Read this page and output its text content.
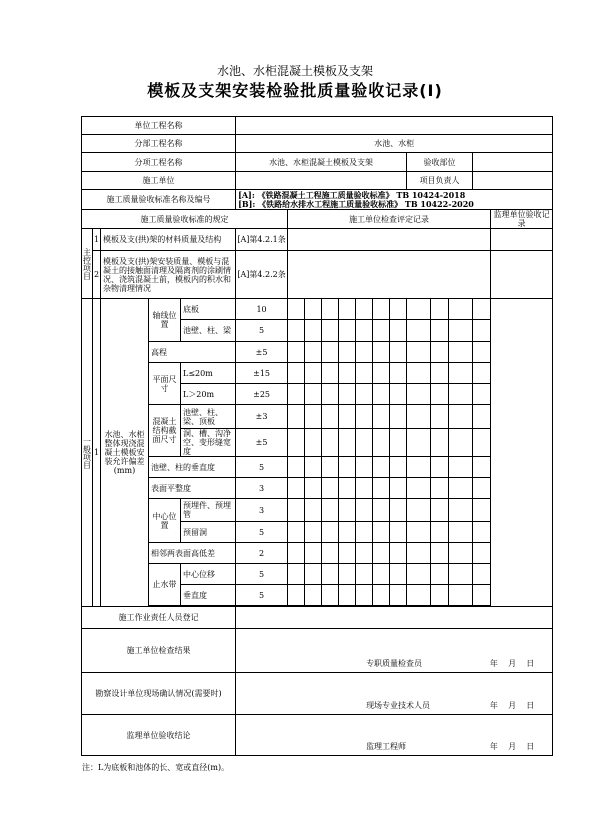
水池、水柜混凝土模板及支架
模板及支架安装检验批质量验收记录(Ⅰ)
单位工程名称																	
分部工程名称					水池、水柜												
分项工程名称					水池、水柜混凝土模板及支架								验收部位				
施工单位													项目负责人				
施工质量验收标准名称及编号					[A]: 《铁路混凝土工程施工质量验收标准》 TB 10424-2018
[B]: 《铁路给水排水工程施工质量验收标准》 TB 10422-2020												

施工质量验收标准的规定						施工单位检查评定记录											监理单位验收记录
主控项目	1	模板及支(拱)架的材料质量及结构			[A]第4.2.1条												
	2	模板及支(拱)架安装质量、模板与混凝土的接触面清理及隔离剂的涂刷情况、浇筑混凝土前，模板内的积水和杂物清理情况			[A]第4.2.2条												
一般项目	1	水池、水柜整体现浇混凝土模板安装允许偏差(mm)	轴线位置	底板	10												
				池壁、柱、梁	5												
			高程		±5												
			平面尺寸	L≤20m	±15												
				L＞20m	±25												
			混凝土结构截面尺寸	池壁、柱、梁、顶板	±3												
				洞、槽、沟净空、变形缝宽度	±5												
			池壁、柱的垂直度		5												
			表面平整度		3												
			中心位置	预埋件、预埋管	3												
				预留洞	5												
			相邻两表面高低差		2												
			止水带	中心位移	5												
				垂直度	5												

施工作业责任人员登记																	
施工单位检查结果					专职质量检查员 年 月 日												

勘察设计单位现场确认情况(需要时)					现场专业技术人员 年 月 日												

监理单位验收结论					监理工程师 年 月 日												
注：L为底板和池体的长、宽或直径(m)。
